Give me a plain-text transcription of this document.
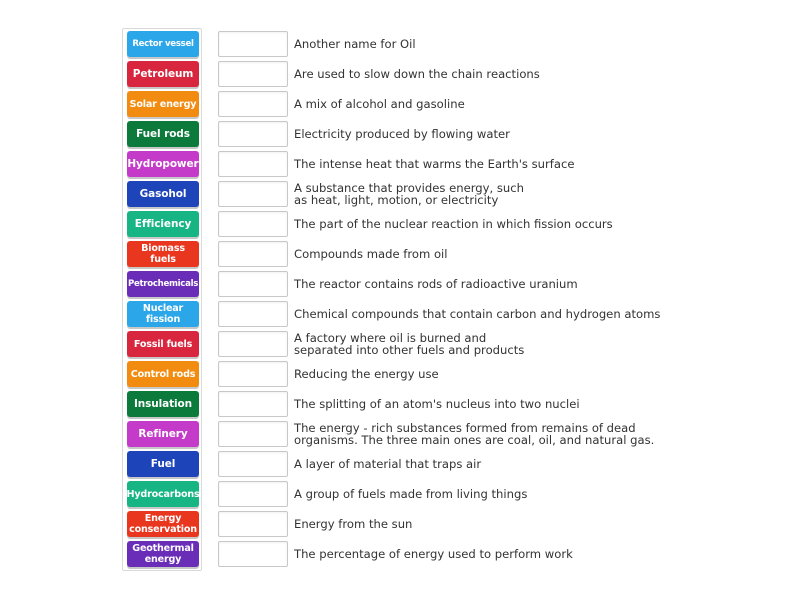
Rector vessel
Petroleum
Solar energy
Fuel rods
Hydropower
Gasohol
Efficiency
Biomass
fuels
Petrochemicals
Nuclear
fission
Fossil fuels
Control rods
Insulation
Refinery
Fuel
Hydrocarbons
Energy
conservation
Geothermal
energy
Another name for Oil
Are used to slow down the chain reactions
A mix of alcohol and gasoline
Electricity produced by flowing water
The intense heat that warms the Earth's surface
A substance that provides energy, such
as heat, light, motion, or electricity
The part of the nuclear reaction in which fission occurs
Compounds made from oil
The reactor contains rods of radioactive uranium
Chemical compounds that contain carbon and hydrogen atoms
A factory where oil is burned and
separated into other fuels and products
Reducing the energy use
The splitting of an atom's nucleus into two nuclei
The energy - rich substances formed from remains of dead
organisms. The three main ones are coal, oil, and natural gas.
A layer of material that traps air
A group of fuels made from living things
Energy from the sun
The percentage of energy used to perform work
